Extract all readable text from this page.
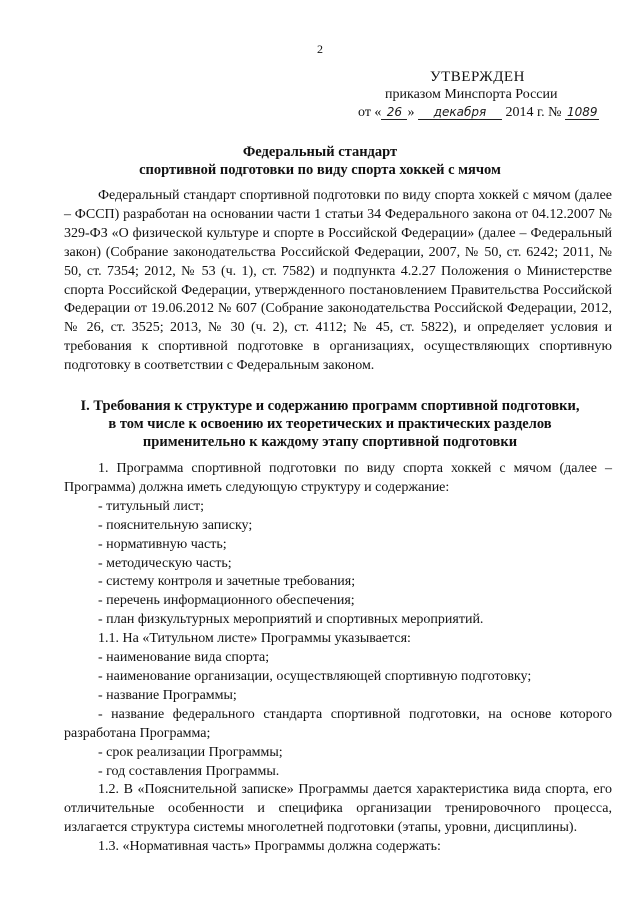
2
УТВЕРЖДЕН
приказом Минспорта России
от « 26 » декабря 2014 г. № 1089
Федеральный стандарт
спортивной подготовки по виду спорта хоккей с мячом

Федеральный стандарт спортивной подготовки по виду спорта хоккей с мячом (далее – ФССП) разработан на основании части 1 статьи 34 Федерального закона от 04.12.2007 № 329-ФЗ «О физической культуре и спорте в Российской Федерации» (далее – Федеральный закон) (Собрание законодательства Российской Федерации, 2007, № 50, ст. 6242; 2011, № 50, ст. 7354; 2012, № 53 (ч. 1), ст. 7582) и подпункта 4.2.27 Положения о Министерстве спорта Российской Федерации, утвержденного постановлением Правительства Российской Федерации от 19.06.2012 № 607 (Собрание законодательства Российской Федерации, 2012, № 26, ст. 3525; 2013, № 30 (ч. 2), ст. 4112; № 45, ст. 5822), и определяет условия и требования к спортивной подготовке в организациях, осуществляющих спортивную подготовку в соответствии с Федеральным законом.

I. Требования к структуре и содержанию программ спортивной подготовки,
в том числе к освоению их теоретических и практических разделов
применительно к каждому этапу спортивной подготовки

1. Программа спортивной подготовки по виду спорта хоккей с мячом (далее – Программа) должна иметь следующую структуру и содержание:

- титульный лист;

- пояснительную записку;

- нормативную часть;

- методическую часть;

- систему контроля и зачетные требования;

- перечень информационного обеспечения;

- план физкультурных мероприятий и спортивных мероприятий.

1.1. На «Титульном листе» Программы указывается:

- наименование вида спорта;

- наименование организации, осуществляющей спортивную подготовку;

- название Программы;

- название федерального стандарта спортивной подготовки, на основе которого разработана Программа;

- срок реализации Программы;

- год составления Программы.

1.2. В «Пояснительной записке» Программы дается характеристика вида спорта, его отличительные особенности и специфика организации тренировочного процесса, излагается структура системы многолетней подготовки (этапы, уровни, дисциплины).

1.3. «Нормативная часть» Программы должна содержать:
